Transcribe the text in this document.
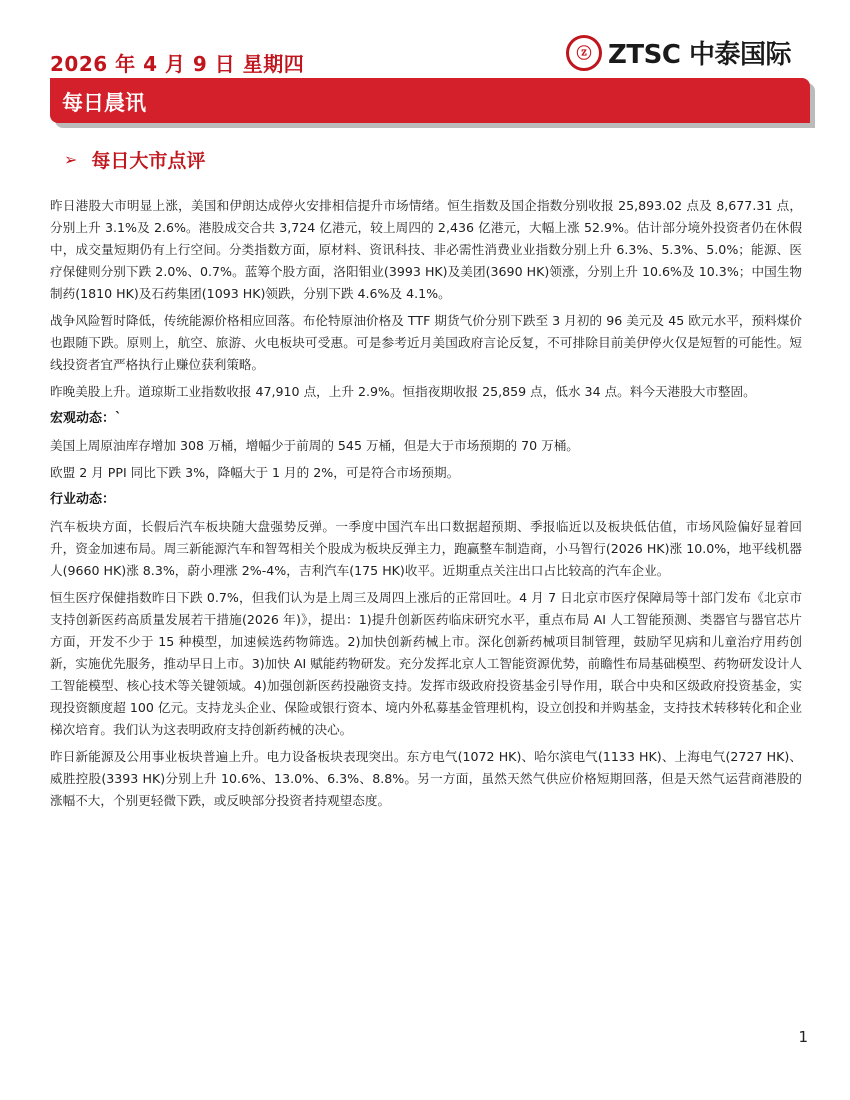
2026 年 4 月 9 日 星期四	ⓩ ZTSC 中泰国际
每日晨讯
➢ 每日大市点评

昨日港股大市明显上涨，美国和伊朗达成停火安排相信提升市场情绪。恒生指数及国企指数分别收报 25,893.02 点及 8,677.31 点，分别上升 3.1%及 2.6%。港股成交合共 3,724 亿港元，较上周四的 2,436 亿港元，大幅上涨 52.9%。估计部分境外投资者仍在休假中，成交量短期仍有上行空间。分类指数方面，原材料、资讯科技、非必需性消费业业指数分别上升 6.3%、5.3%、5.0%；能源、医疗保健则分别下跌 2.0%、0.7%。蓝筹个股方面，洛阳钼业(3993 HK)及美团(3690 HK)领涨，分别上升 10.6%及 10.3%；中国生物制药(1810 HK)及石药集团(1093 HK)领跌，分别下跌 4.6%及 4.1%。

战争风险暂时降低，传统能源价格相应回落。布伦特原油价格及 TTF 期货气价分别下跌至 3 月初的 96 美元及 45 欧元水平，预料煤价也跟随下跌。原则上，航空、旅游、火电板块可受惠。可是参考近月美国政府言论反复，不可排除目前美伊停火仅是短暂的可能性。短线投资者宜严格执行止赚位获利策略。

昨晚美股上升。道琼斯工业指数收报 47,910 点，上升 2.9%。恒指夜期收报 25,859 点，低水 34 点。料今天港股大市整固。

宏观动态：`

美国上周原油库存增加 308 万桶，增幅少于前周的 545 万桶，但是大于市场预期的 70 万桶。

欧盟 2 月 PPI 同比下跌 3%，降幅大于 1 月的 2%，可是符合市场预期。

行业动态：

汽车板块方面，长假后汽车板块随大盘强势反弹。一季度中国汽车出口数据超预期、季报临近以及板块低估值，市场风险偏好显着回升，资金加速布局。周三新能源汽车和智驾相关个股成为板块反弹主力，跑赢整车制造商，小马智行(2026 HK)涨 10.0%，地平线机器人(9660 HK)涨 8.3%，蔚小理涨 2%-4%，吉利汽车(175 HK)收平。近期重点关注出口占比较高的汽车企业。

恒生医疗保健指数昨日下跌 0.7%，但我们认为是上周三及周四上涨后的正常回吐。4 月 7 日北京市医疗保障局等十部门发布《北京市支持创新医药高质量发展若干措施(2026 年)》，提出：1)提升创新医药临床研究水平，重点布局 AI 人工智能预测、类器官与器官芯片方面，开发不少于 15 种模型，加速候选药物筛选。2)加快创新药械上市。深化创新药械项目制管理，鼓励罕见病和儿童治疗用药创新，实施优先服务，推动早日上市。3)加快 AI 赋能药物研发。充分发挥北京人工智能资源优势，前瞻性布局基础模型、药物研发设计人工智能模型、核心技术等关键领域。4)加强创新医药投融资支持。发挥市级政府投资基金引导作用，联合中央和区级政府投资基金，实现投资额度超 100 亿元。支持龙头企业、保险或银行资本、境内外私募基金管理机构，设立创投和并购基金，支持技术转移转化和企业梯次培育。我们认为这表明政府支持创新药械的决心。

昨日新能源及公用事业板块普遍上升。电力设备板块表现突出。东方电气(1072 HK)、哈尔滨电气(1133 HK)、上海电气(2727 HK)、威胜控股(3393 HK)分别上升 10.6%、13.0%、6.3%、8.8%。另一方面，虽然天然气供应价格短期回落，但是天然气运营商港股的涨幅不大，个别更轻微下跌，或反映部分投资者持观望态度。

1
